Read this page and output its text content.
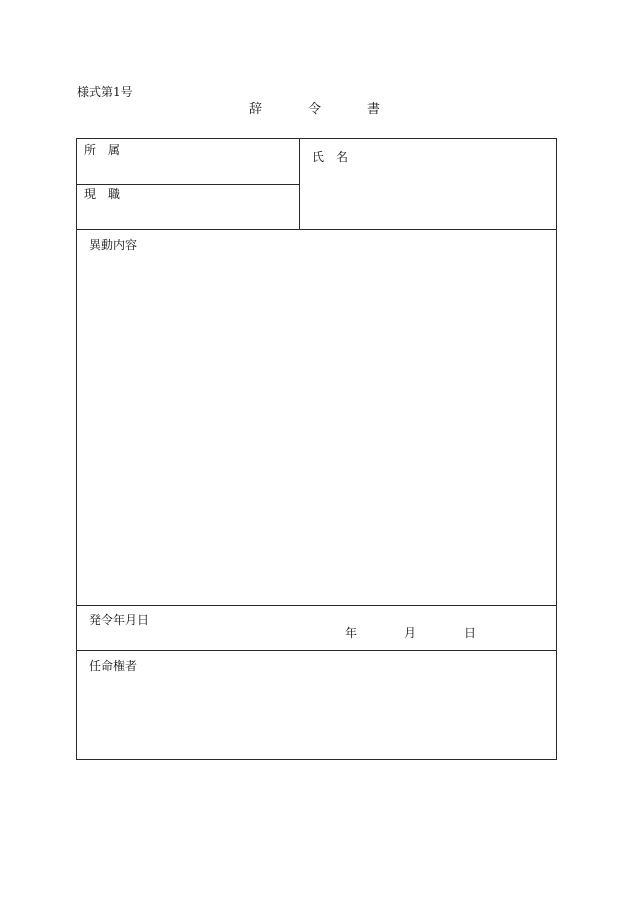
様式第1号
辞	令	書
所　属	氏　名
現　職
異動内容
発令年月日
年	月	日
任命権者
